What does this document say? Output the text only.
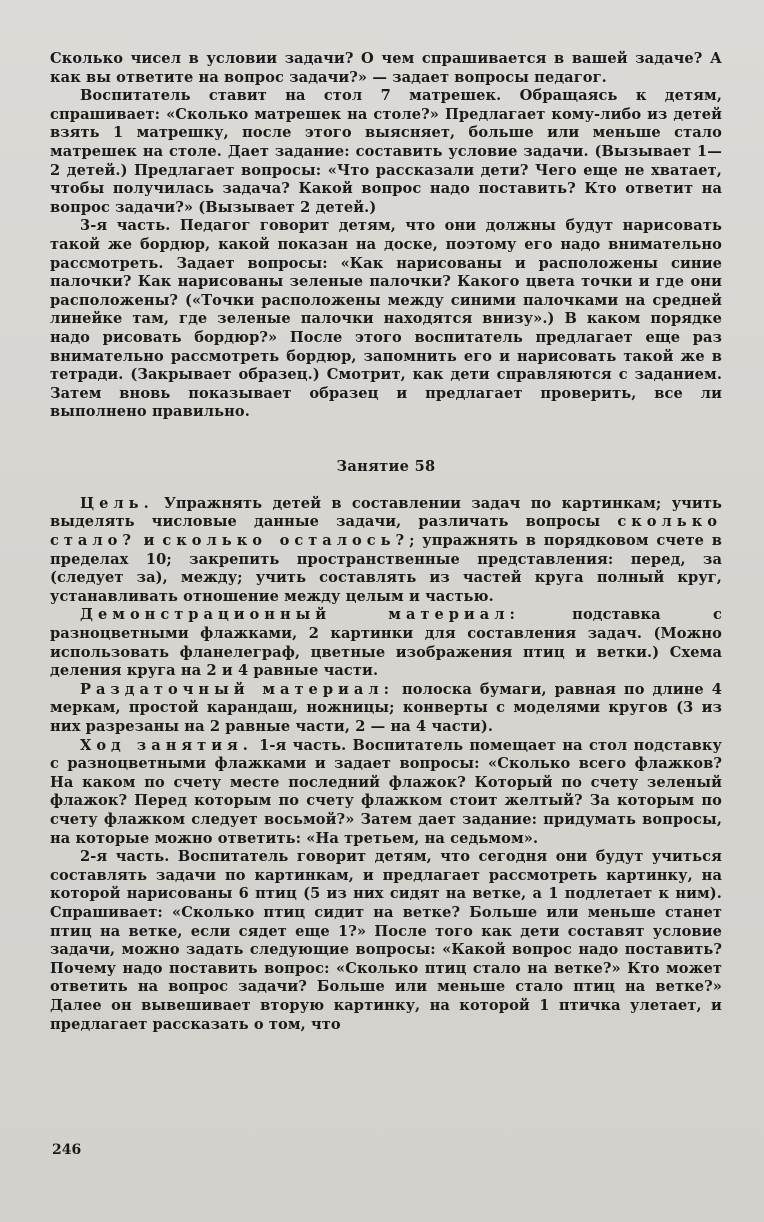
Сколько чисел в условии задачи? О чем спрашивается в вашей задаче? А как вы ответите на вопрос задачи?» — задает вопросы педагог.

Воспитатель ставит на стол 7 матрешек. Обращаясь к детям, спрашивает: «Сколько матрешек на столе?» Предлагает кому-либо из детей взять 1 матрешку, после этого выясняет, больше или меньше стало матрешек на столе. Дает задание: составить условие задачи. (Вызывает 1—2 детей.) Предлагает вопросы: «Что рассказали дети? Чего еще не хватает, чтобы получилась задача? Какой вопрос надо поставить? Кто ответит на вопрос задачи?» (Вызывает 2 детей.)

3-я часть. Педагог говорит детям, что они должны будут нарисовать такой же бордюр, какой показан на доске, поэтому его надо внимательно рассмотреть. Задает вопросы: «Как нарисованы и расположены синие палочки? Как нарисованы зеленые палочки? Какого цвета точки и где они расположены? («Точки расположены между синими палочками на средней линейке там, где зеленые палочки находятся внизу».) В каком порядке надо рисовать бордюр?» После этого воспитатель предлагает еще раз внимательно рассмотреть бордюр, запомнить его и нарисовать такой же в тетради. (Закрывает образец.) Смотрит, как дети справляются с заданием. Затем вновь показывает образец и предлагает проверить, все ли выполнено правильно.

Занятие 58

Цель. Упражнять детей в составлении задач по картинкам; учить выделять числовые данные задачи, различать вопросы сколько стало? и сколько осталось?; упражнять в порядковом счете в пределах 10; закрепить пространственные представления: перед, за (следует за), между; учить составлять из частей круга полный круг, устанавливать отношение между целым и частью.

Демонстрационный материал: подставка с разноцветными флажками, 2 картинки для составления задач. (Можно использовать фланелеграф, цветные изображения птиц и ветки.) Схема деления круга на 2 и 4 равные части.

Раздаточный материал: полоска бумаги, равная по длине 4 меркам, простой карандаш, ножницы; конверты с моделями кругов (3 из них разрезаны на 2 равные части, 2 — на 4 части).

Ход занятия. 1-я часть. Воспитатель помещает на стол подставку с разноцветными флажками и задает вопросы: «Сколько всего флажков? На каком по счету месте последний флажок? Который по счету зеленый флажок? Перед которым по счету флажком стоит желтый? За которым по счету флажком следует восьмой?» Затем дает задание: придумать вопросы, на которые можно ответить: «На третьем, на седьмом».

2-я часть. Воспитатель говорит детям, что сегодня они будут учиться составлять задачи по картинкам, и предлагает рассмотреть картинку, на которой нарисованы 6 птиц (5 из них сидят на ветке, а 1 подлетает к ним). Спрашивает: «Сколько птиц сидит на ветке? Больше или меньше станет птиц на ветке, если сядет еще 1?» После того как дети составят условие задачи, можно задать следующие вопросы: «Какой вопрос надо поставить? Почему надо поставить вопрос: «Сколько птиц стало на ветке?» Кто может ответить на вопрос задачи? Больше или меньше стало птиц на ветке?» Далее он вывешивает вторую картинку, на которой 1 птичка улетает, и предлагает рассказать о том, что

246
